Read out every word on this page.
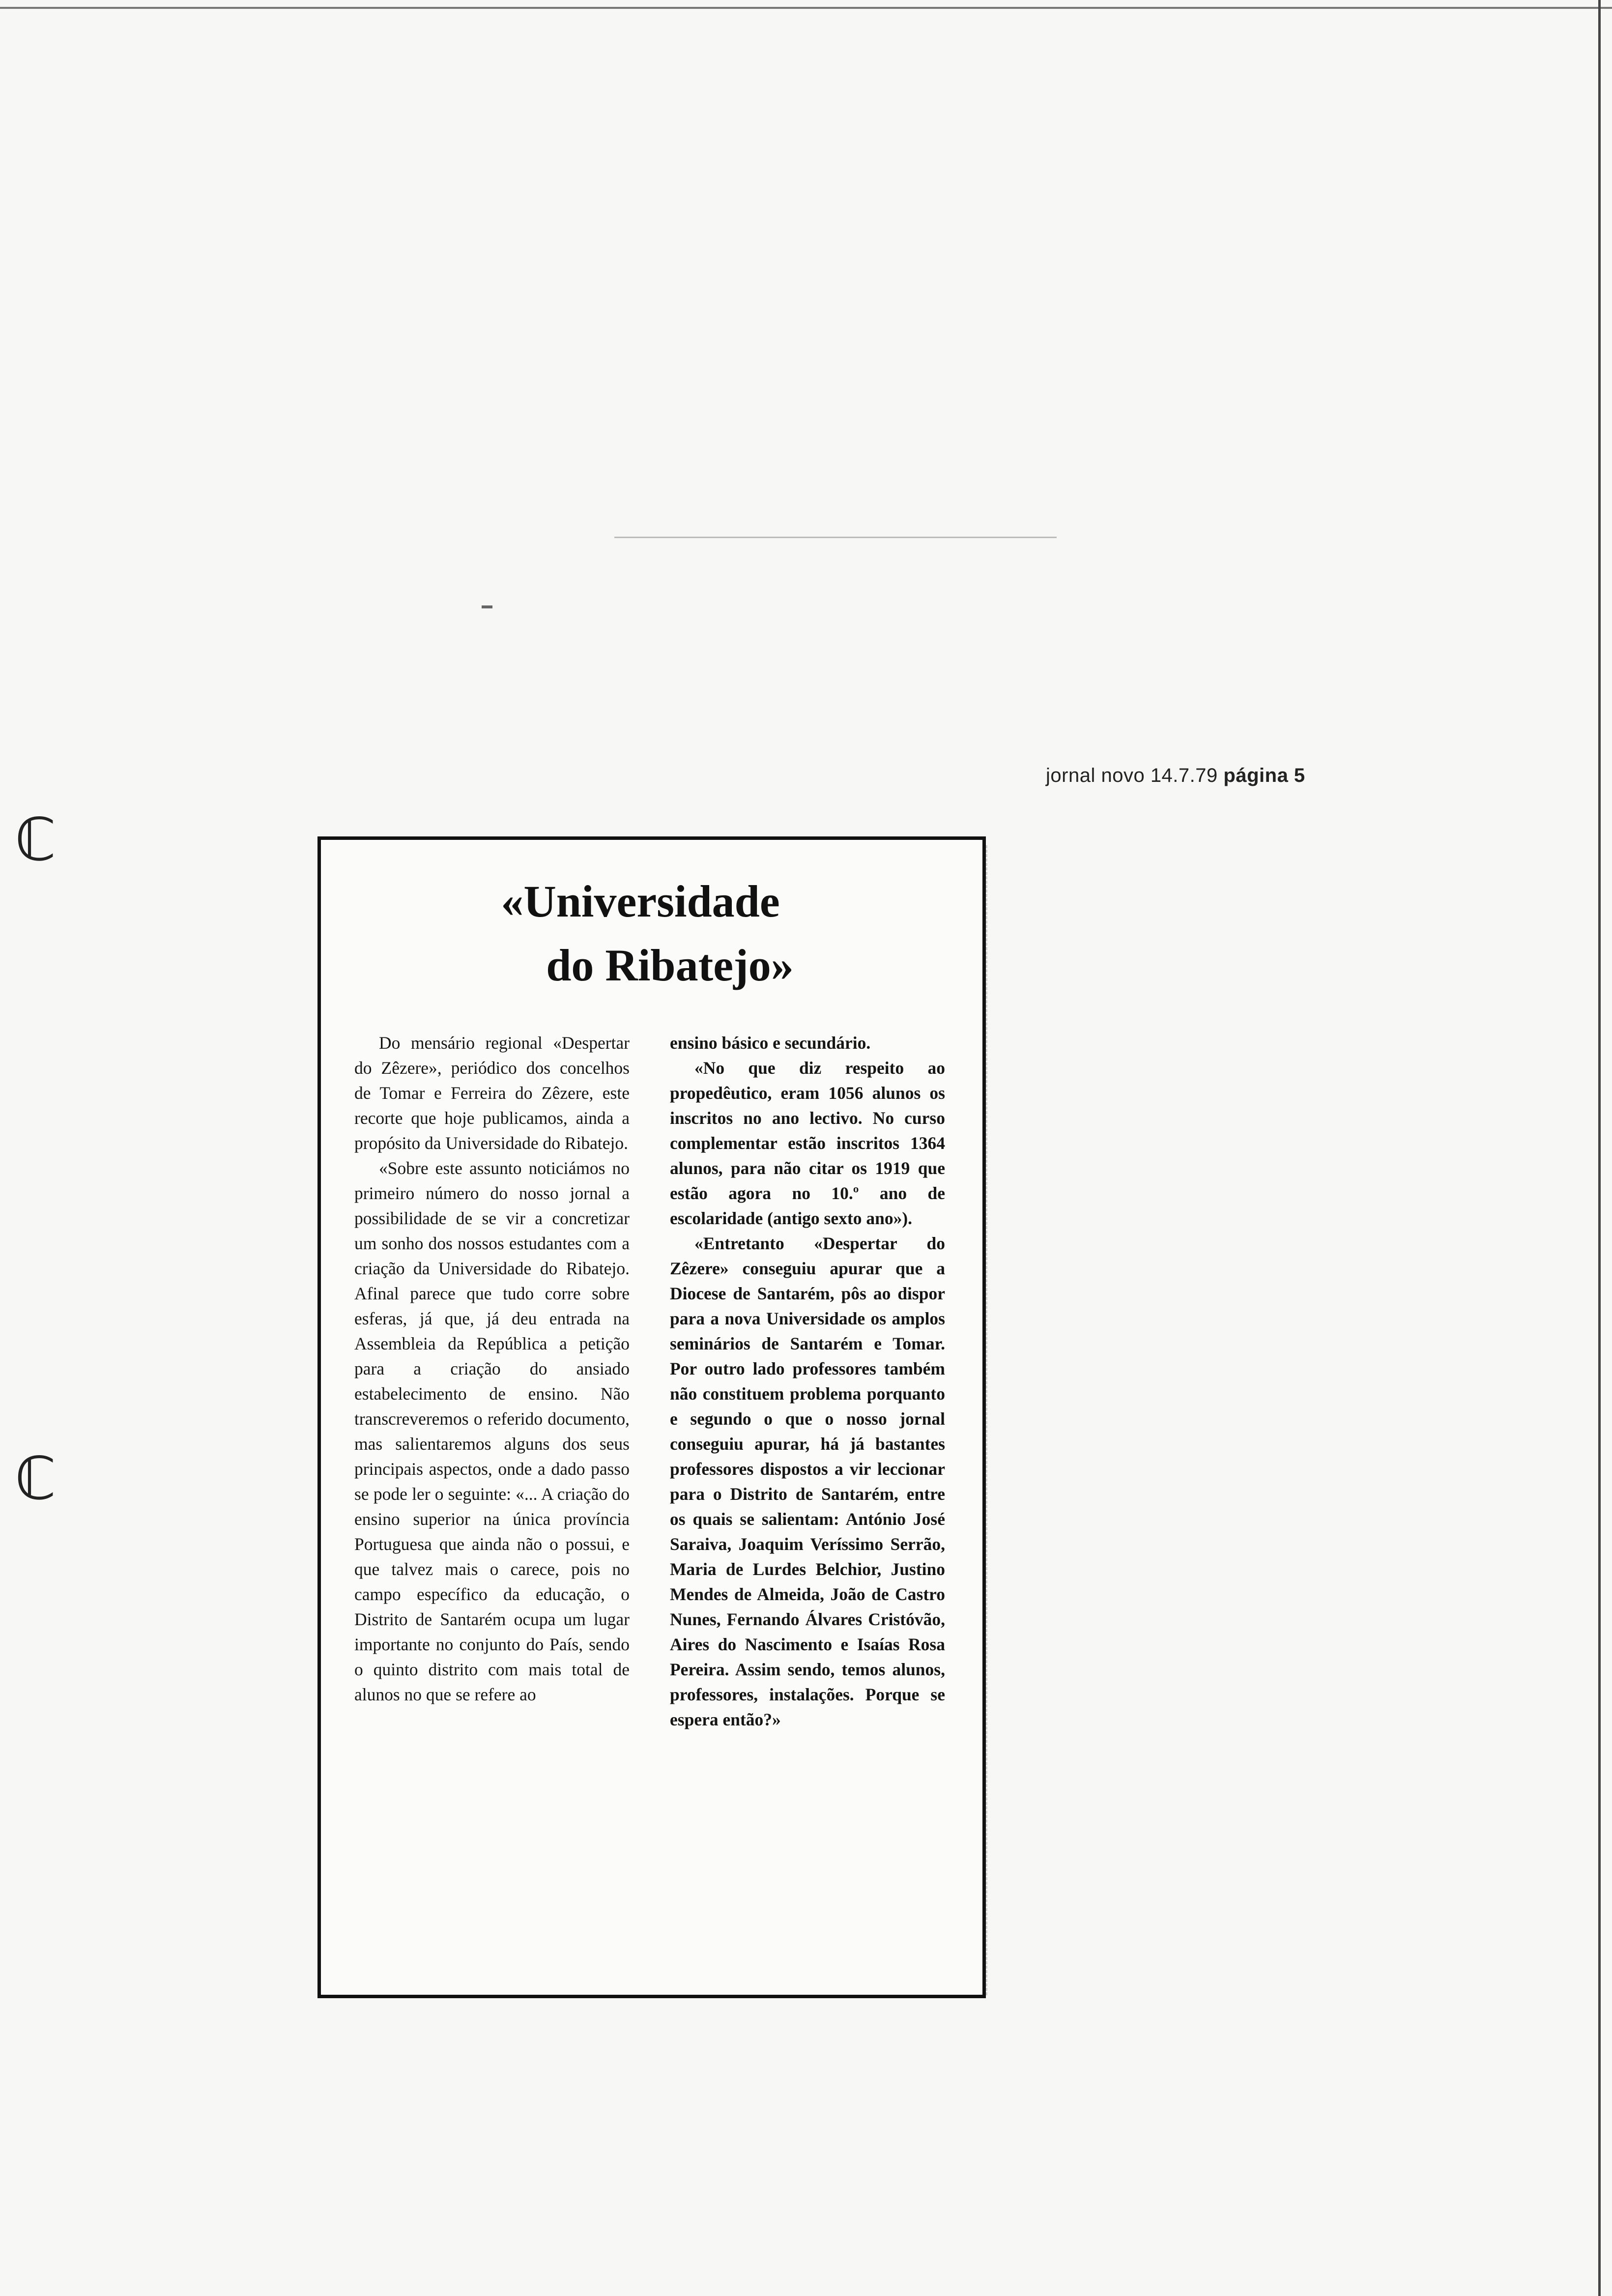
ℂ
ℂ
jornal novo 14.7.79 página 5
«Universidade
do Ribatejo»

Do mensário regional «Despertar do Zêzere», periódico dos concelhos de Tomar e Ferreira do Zêzere, este recorte que hoje publicamos, ainda a propósito da Universidade do Ribatejo.

«Sobre este assunto noticiámos no primeiro número do nosso jornal a possibilidade de se vir a concretizar um sonho dos nossos estudantes com a criação da Universidade do Ribatejo. Afinal parece que tudo corre sobre esferas, já que, já deu entrada na Assembleia da República a petição para a criação do ansiado estabelecimento de ensino. Não transcreveremos o referido documento, mas salientaremos alguns dos seus principais aspectos, onde a dado passo se pode ler o seguinte: «... A criação do ensino superior na única província Portuguesa que ainda não o possui, e que talvez mais o carece, pois no campo específico da educação, o Distrito de Santarém ocupa um lugar importante no conjunto do País, sendo o quinto distrito com mais total de alunos no que se refere ao

ensino básico e secundário.

«No que diz respeito ao propedêutico, eram 1056 alunos os inscritos no ano lectivo. No curso complementar estão inscritos 1364 alunos, para não citar os 1919 que estão agora no 10.º ano de escolaridade (antigo sexto ano»).

«Entretanto «Despertar do Zêzere» conseguiu apurar que a Diocese de Santarém, pôs ao dispor para a nova Universidade os amplos seminários de Santarém e Tomar. Por outro lado professores também não constituem problema porquanto e segundo o que o nosso jornal conseguiu apurar, há já bastantes professores dispostos a vir leccionar para o Distrito de Santarém, entre os quais se salientam: António José Saraiva, Joaquim Veríssimo Serrão, Maria de Lurdes Belchior, Justino Mendes de Almeida, João de Castro Nunes, Fernando Álvares Cristóvão, Aires do Nascimento e Isaías Rosa Pereira. Assim sendo, temos alunos, professores, instalações. Porque se espera então?»
